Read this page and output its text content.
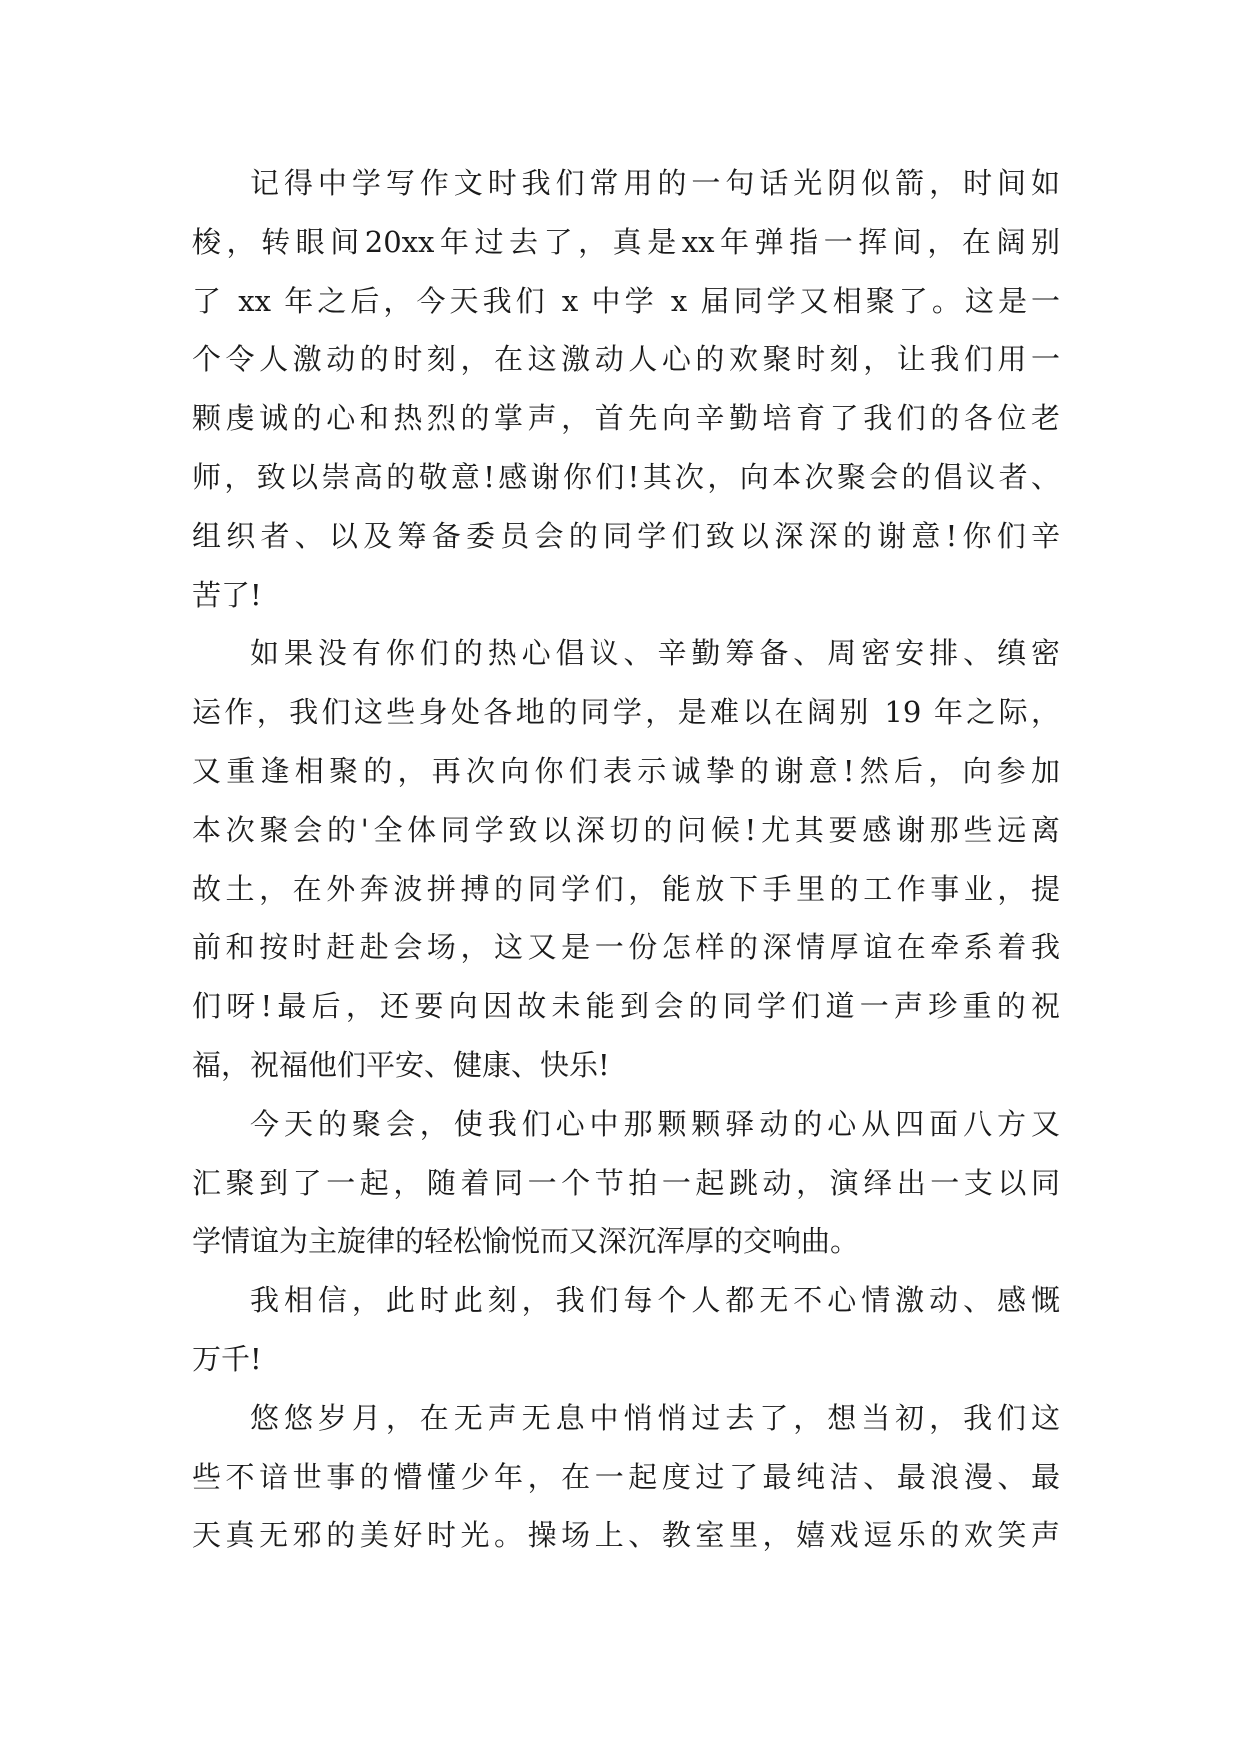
记得中学写作文时我们常用的一句话光阴似箭，时间如
梭，转眼间20xx年过去了，真是xx年弹指一挥间，在阔别
了 xx 年之后，今天我们 x 中学 x 届同学又相聚了。这是一
个令人激动的时刻，在这激动人心的欢聚时刻，让我们用一
颗虔诚的心和热烈的掌声，首先向辛勤培育了我们的各位老
师，致以崇高的敬意!感谢你们!其次，向本次聚会的倡议者、
组织者、以及筹备委员会的同学们致以深深的谢意!你们辛
苦了!
如果没有你们的热心倡议、辛勤筹备、周密安排、缜密
运作，我们这些身处各地的同学，是难以在阔别 19 年之际，
又重逢相聚的，再次向你们表示诚挚的谢意!然后，向参加
本次聚会的'全体同学致以深切的问候!尤其要感谢那些远离
故土，在外奔波拼搏的同学们，能放下手里的工作事业，提
前和按时赶赴会场，这又是一份怎样的深情厚谊在牵系着我
们呀!最后，还要向因故未能到会的同学们道一声珍重的祝
福，祝福他们平安、健康、快乐!
今天的聚会，使我们心中那颗颗驿动的心从四面八方又
汇聚到了一起，随着同一个节拍一起跳动，演绎出一支以同
学情谊为主旋律的轻松愉悦而又深沉浑厚的交响曲。
我相信，此时此刻，我们每个人都无不心情激动、感慨
万千!
悠悠岁月，在无声无息中悄悄过去了，想当初，我们这
些不谙世事的懵懂少年，在一起度过了最纯洁、最浪漫、最
天真无邪的美好时光。操场上、教室里，嬉戏逗乐的欢笑声
